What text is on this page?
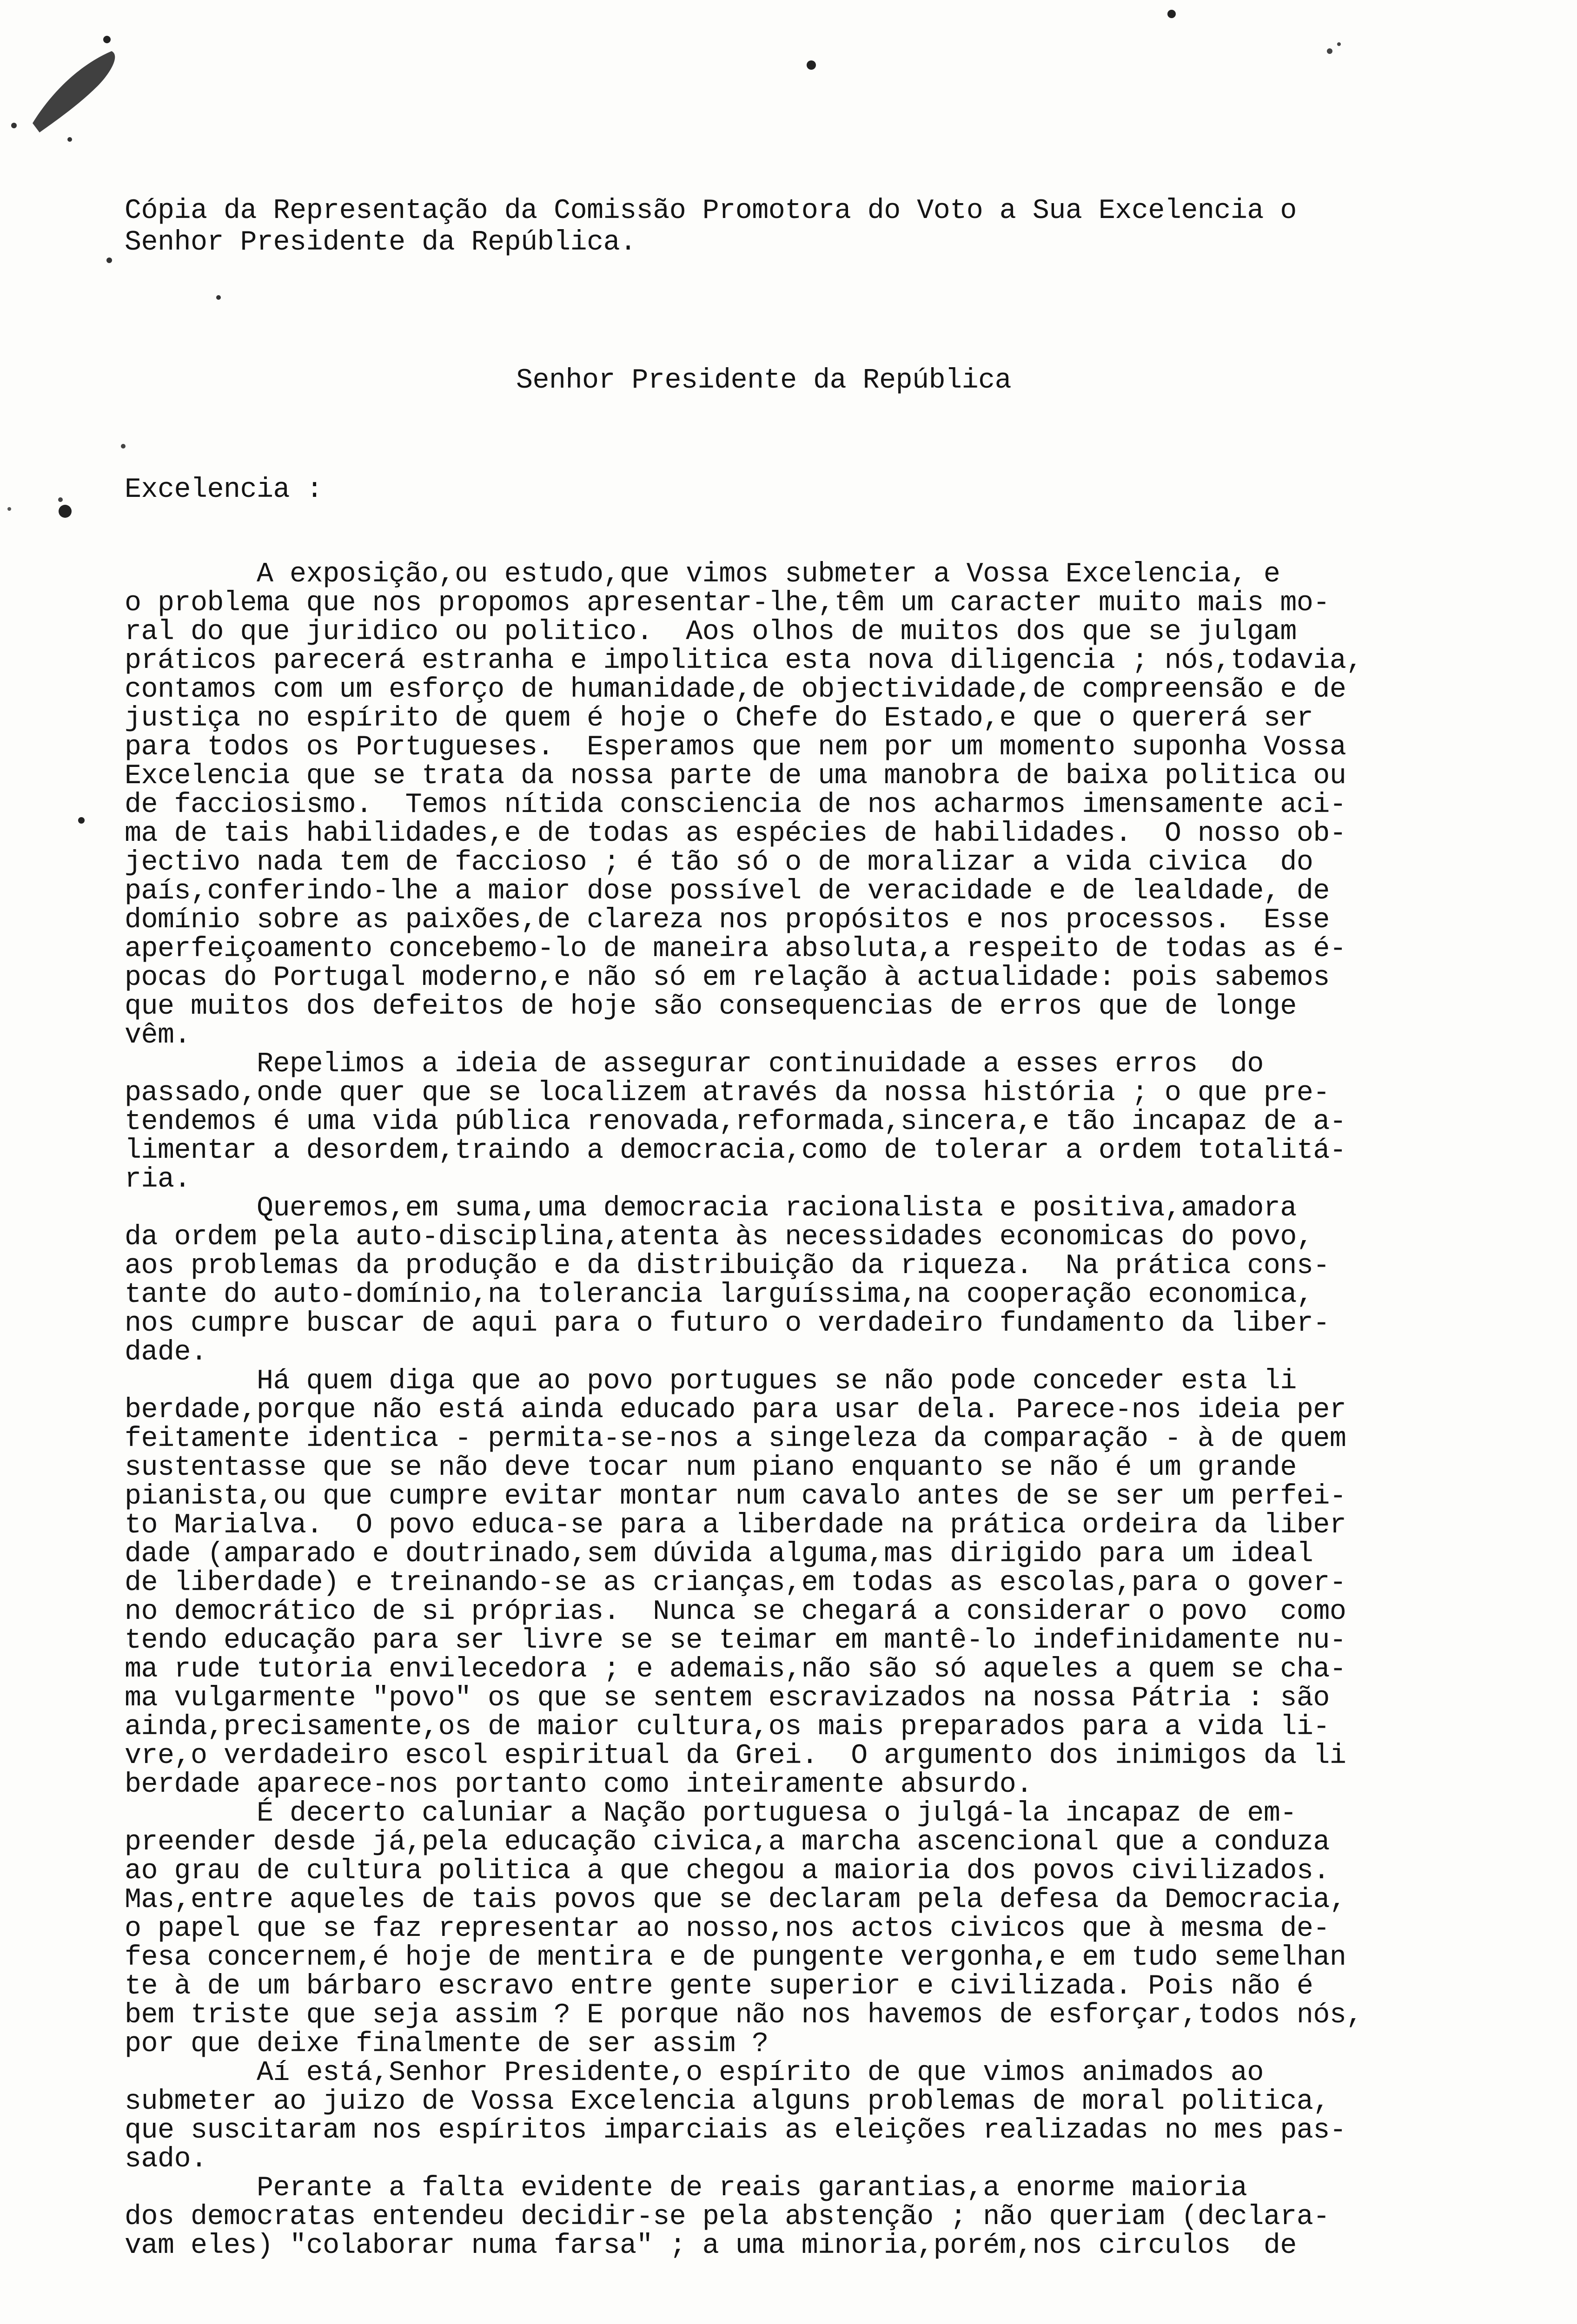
Cópia da Representação da Comissão Promotora do Voto a Sua Excelencia o
Senhor Presidente da República.
Senhor Presidente da República
Excelencia :
A exposição,ou estudo,que vimos submeter a Vossa Excelencia, e
o problema que nos propomos apresentar-lhe,têm um caracter muito mais mo-
ral do que juridico ou politico.  Aos olhos de muitos dos que se julgam
práticos parecerá estranha e impolitica esta nova diligencia ; nós,todavia,
contamos com um esforço de humanidade,de objectividade,de compreensão e de
justiça no espírito de quem é hoje o Chefe do Estado,e que o quererá ser
para todos os Portugueses.  Esperamos que nem por um momento suponha Vossa
Excelencia que se trata da nossa parte de uma manobra de baixa politica ou
de facciosismo.  Temos nítida consciencia de nos acharmos imensamente aci-
ma de tais habilidades,e de todas as espécies de habilidades.  O nosso ob-
jectivo nada tem de faccioso ; é tão só o de moralizar a vida civica  do
país,conferindo-lhe a maior dose possível de veracidade e de lealdade, de
domínio sobre as paixões,de clareza nos propósitos e nos processos.  Esse
aperfeiçoamento concebemo-lo de maneira absoluta,a respeito de todas as é-
pocas do Portugal moderno,e não só em relação à actualidade: pois sabemos
que muitos dos defeitos de hoje são consequencias de erros que de longe
vêm.
Repelimos a ideia de assegurar continuidade a esses erros  do
passado,onde quer que se localizem através da nossa história ; o que pre-
tendemos é uma vida pública renovada,reformada,sincera,e tão incapaz de a-
limentar a desordem,traindo a democracia,como de tolerar a ordem totalitá-
ria.
Queremos,em suma,uma democracia racionalista e positiva,amadora
da ordem pela auto-disciplina,atenta às necessidades economicas do povo,
aos problemas da produção e da distribuição da riqueza.  Na prática cons-
tante do auto-domínio,na tolerancia larguíssima,na cooperação economica,
nos cumpre buscar de aqui para o futuro o verdadeiro fundamento da liber-
dade.
Há quem diga que ao povo portugues se não pode conceder esta li
berdade,porque não está ainda educado para usar dela. Parece-nos ideia per
feitamente identica - permita-se-nos a singeleza da comparação - à de quem
sustentasse que se não deve tocar num piano enquanto se não é um grande
pianista,ou que cumpre evitar montar num cavalo antes de se ser um perfei-
to Marialva.  O povo educa-se para a liberdade na prática ordeira da liber
dade (amparado e doutrinado,sem dúvida alguma,mas dirigido para um ideal
de liberdade) e treinando-se as crianças,em todas as escolas,para o gover-
no democrático de si próprias.  Nunca se chegará a considerar o povo  como
tendo educação para ser livre se se teimar em mantê-lo indefinidamente nu-
ma rude tutoria envilecedora ; e ademais,não são só aqueles a quem se cha-
ma vulgarmente "povo" os que se sentem escravizados na nossa Pátria : são
ainda,precisamente,os de maior cultura,os mais preparados para a vida li-
vre,o verdadeiro escol espiritual da Grei.  O argumento dos inimigos da li
berdade aparece-nos portanto como inteiramente absurdo.
É decerto caluniar a Nação portuguesa o julgá-la incapaz de em-
preender desde já,pela educação civica,a marcha ascencional que a conduza
ao grau de cultura politica a que chegou a maioria dos povos civilizados.
Mas,entre aqueles de tais povos que se declaram pela defesa da Democracia,
o papel que se faz representar ao nosso,nos actos civicos que à mesma de-
fesa concernem,é hoje de mentira e de pungente vergonha,e em tudo semelhan
te à de um bárbaro escravo entre gente superior e civilizada. Pois não é
bem triste que seja assim ? E porque não nos havemos de esforçar,todos nós,
por que deixe finalmente de ser assim ?
Aí está,Senhor Presidente,o espírito de que vimos animados ao
submeter ao juizo de Vossa Excelencia alguns problemas de moral politica,
que suscitaram nos espíritos imparciais as eleições realizadas no mes pas-
sado.
Perante a falta evidente de reais garantias,a enorme maioria
dos democratas entendeu decidir-se pela abstenção ; não queriam (declara-
vam eles) "colaborar numa farsa" ; a uma minoria,porém,nos circulos  de
